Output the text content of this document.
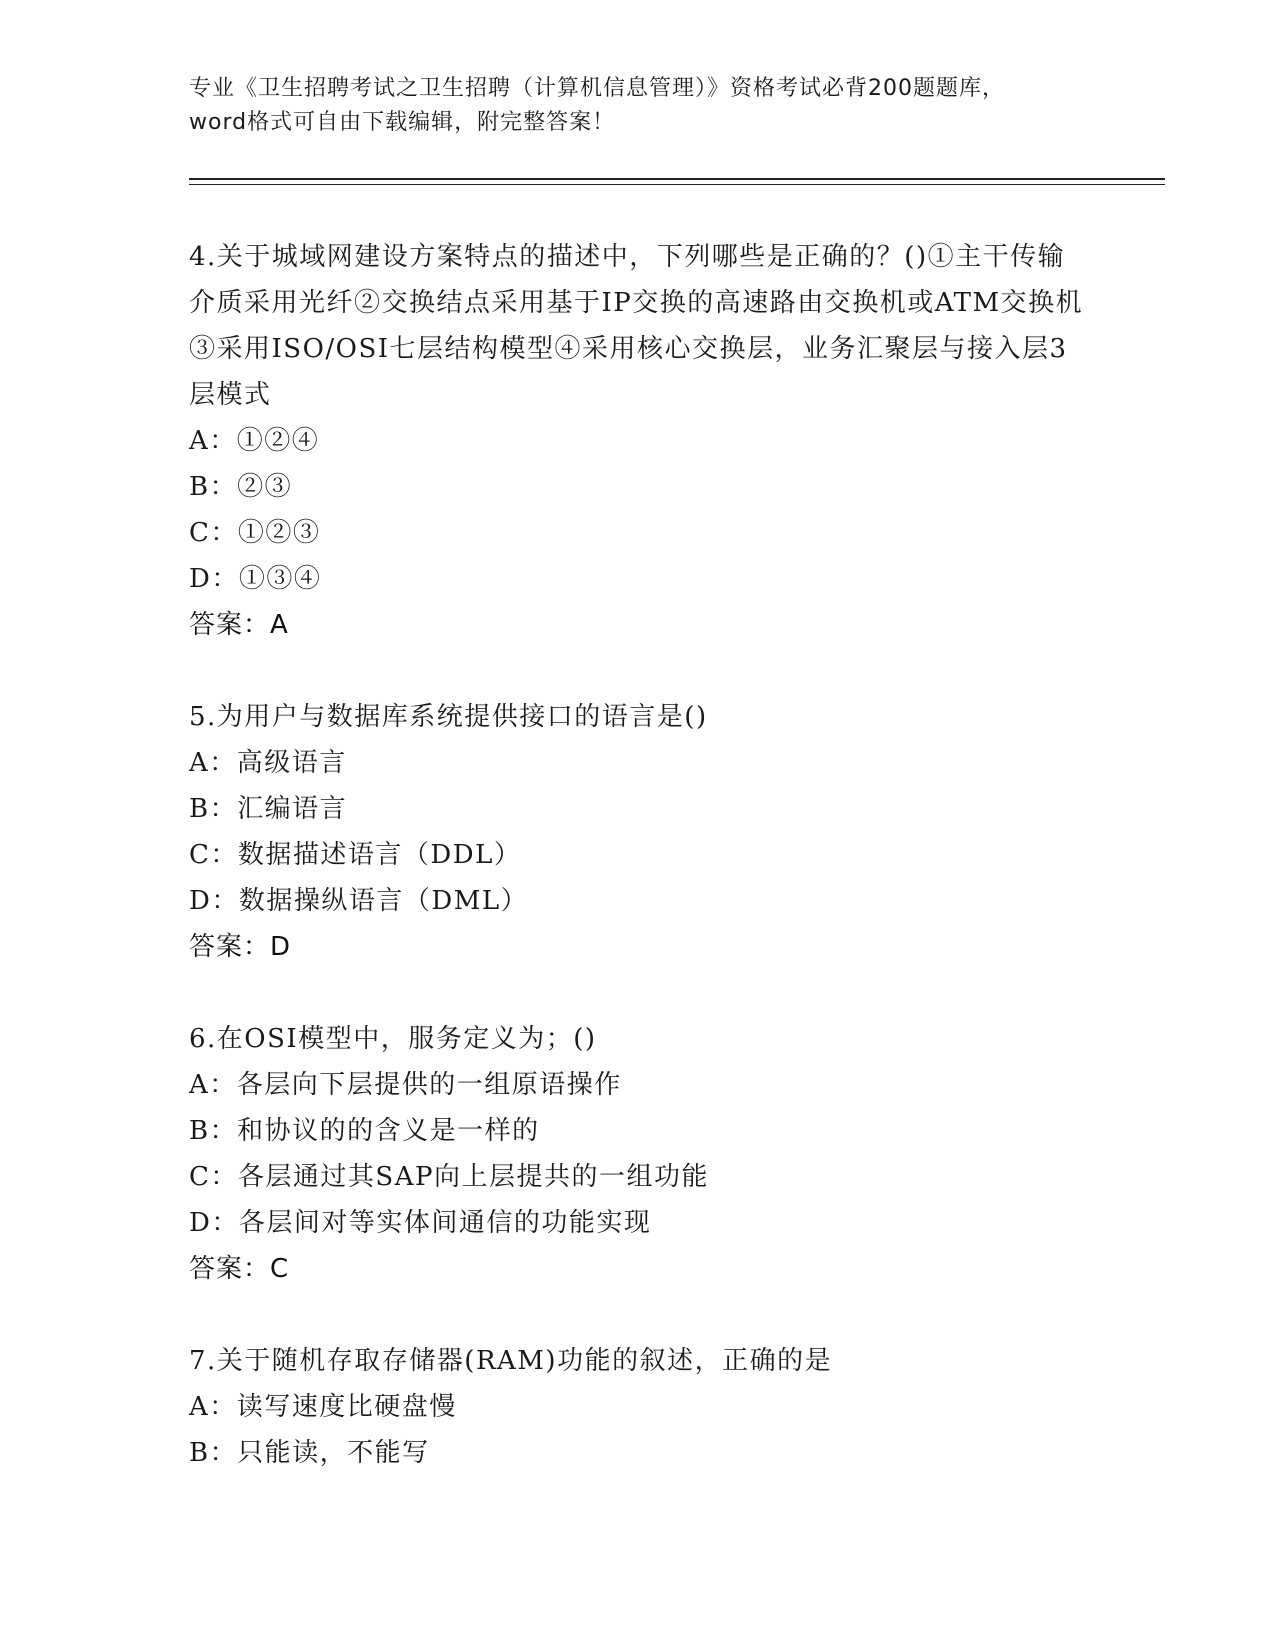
专业《卫生招聘考试之卫生招聘（计算机信息管理）》资格考试必背200题题库，
word格式可自由下载编辑，附完整答案！

4.关于城域网建设方案特点的描述中，下列哪些是正确的？()①主干传输介质采用光纤②交换结点采用基于IP交换的高速路由交换机或ATM交换机③采用ISO/OSI七层结构模型④采用核心交换层，业务汇聚层与接入层3层模式

A：①②④

B：②③

C：①②③

D：①③④

答案：A

5.为用户与数据库系统提供接口的语言是()

A：高级语言

B：汇编语言

C：数据描述语言（DDL）

D：数据操纵语言（DML）

答案：D

6.在OSI模型中，服务定义为；()

A：各层向下层提供的一组原语操作

B：和协议的的含义是一样的

C：各层通过其SAP向上层提共的一组功能

D：各层间对等实体间通信的功能实现

答案：C

7.关于随机存取存储器(RAM)功能的叙述，正确的是

A：读写速度比硬盘慢

B：只能读，不能写
